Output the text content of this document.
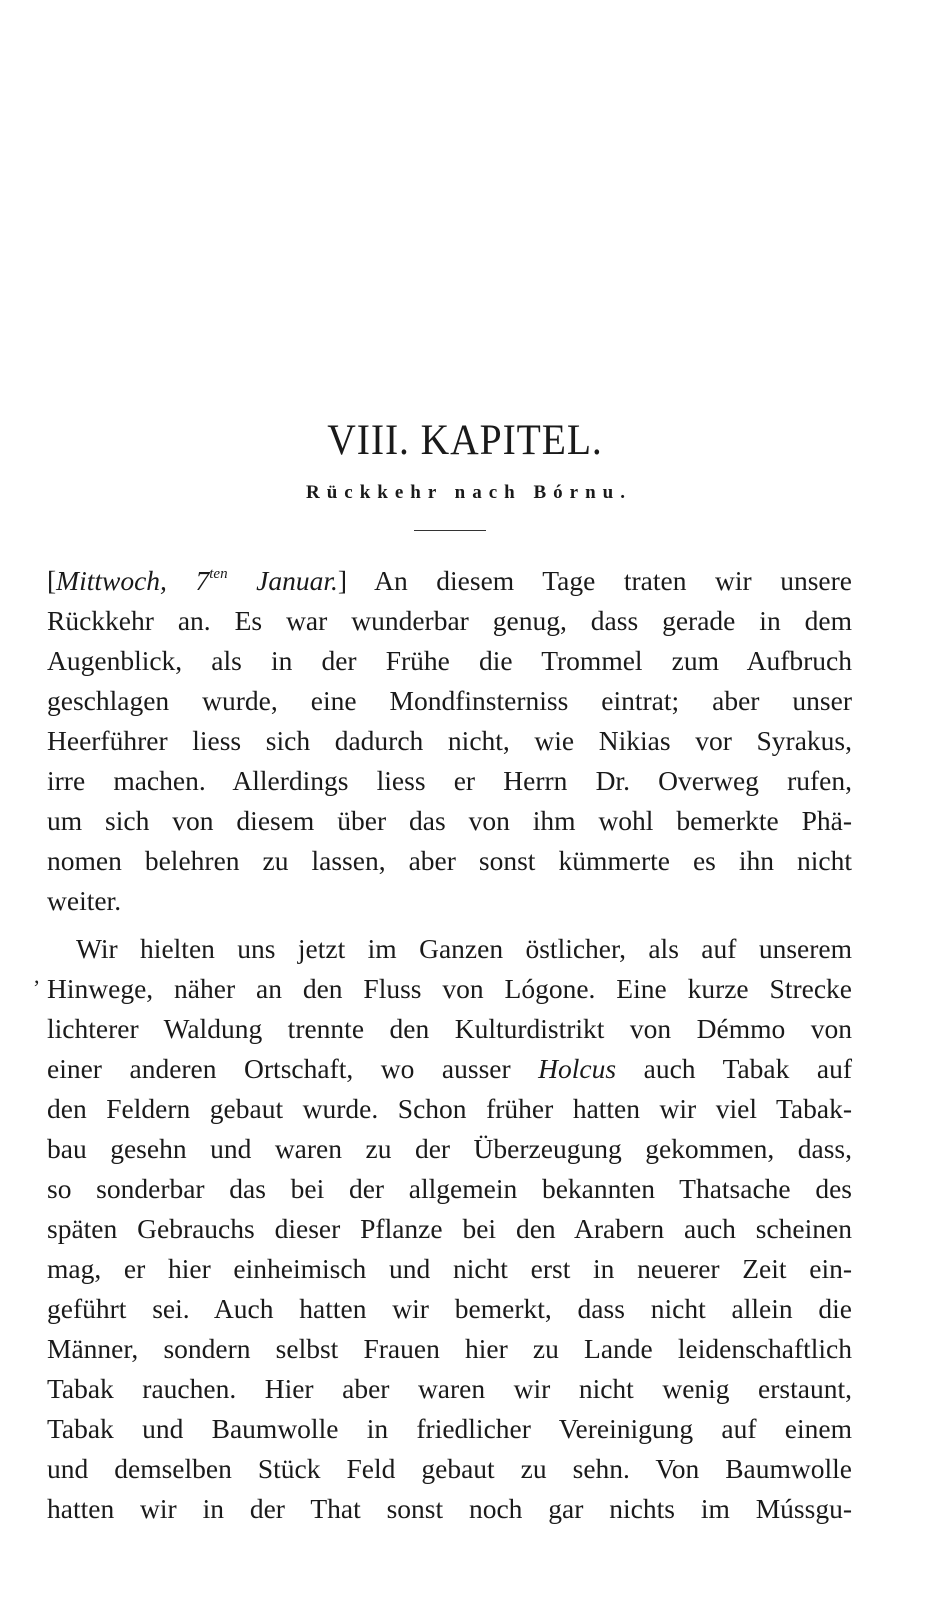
VIII. KAPITEL.
Rückkehr nach Bórnu.
,
[Mittwoch, $7^{ten}$ Januar.] An diesem Tage traten wir unsere
Rückkehr an. Es war wunderbar genug, dass gerade in dem
Augenblick, als in der Frühe die Trommel zum Aufbruch
geschlagen wurde, eine Mondfinsterniss eintrat; aber unser
Heerführer liess sich dadurch nicht, wie Nikias vor Syrakus,
irre machen. Allerdings liess er Herrn Dr. Overweg rufen,
um sich von diesem über das von ihm wohl bemerkte Phä-
nomen belehren zu lassen, aber sonst kümmerte es ihn nicht
weiter.
Wir hielten uns jetzt im Ganzen östlicher, als auf unserem
Hinwege, näher an den Fluss von Lógone. Eine kurze Strecke
lichterer Waldung trennte den Kulturdistrikt von Démmo von
einer anderen Ortschaft, wo ausser Holcus auch Tabak auf
den Feldern gebaut wurde. Schon früher hatten wir viel Tabak-
bau gesehn und waren zu der Überzeugung gekommen, dass,
so sonderbar das bei der allgemein bekannten Thatsache des
späten Gebrauchs dieser Pflanze bei den Arabern auch scheinen
mag, er hier einheimisch und nicht erst in neuerer Zeit ein-
geführt sei. Auch hatten wir bemerkt, dass nicht allein die
Männer, sondern selbst Frauen hier zu Lande leidenschaftlich
Tabak rauchen. Hier aber waren wir nicht wenig erstaunt,
Tabak und Baumwolle in friedlicher Vereinigung auf einem
und demselben Stück Feld gebaut zu sehn. Von Baumwolle
hatten wir in der That sonst noch gar nichts im Mússgu-
